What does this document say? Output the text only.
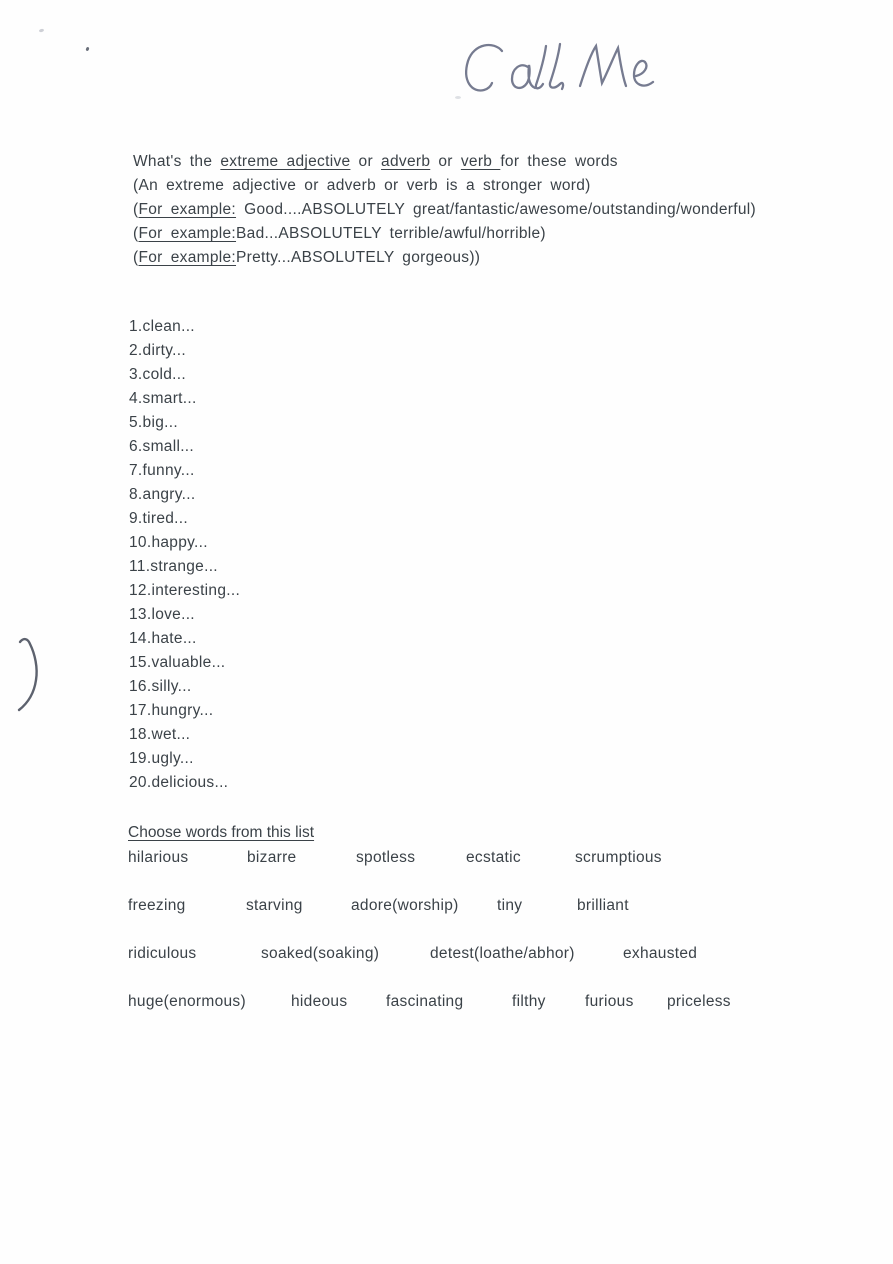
What's the extreme adjective or adverb or verb for these words
(An extreme adjective or adverb or verb is a stronger word)
(For example: Good....ABSOLUTELY great/fantastic/awesome/outstanding/wonderful)
(For example:Bad...ABSOLUTELY terrible/awful/horrible)
(For example:Pretty...ABSOLUTELY gorgeous))
1.clean...
2.dirty...
3.cold...
4.smart...
5.big...
6.small...
7.funny...
8.angry...
9.tired...
10.happy...
11.strange...
12.interesting...
13.love...
14.hate...
15.valuable...
16.silly...
17.hungry...
18.wet...
19.ugly...
20.delicious...
Choose words from this list
hilarious	bizarre	spotless	ecstatic	scrumptious
freezing	starving	adore(worship) tiny	brilliant
ridiculous	soaked(soaking)	detest(loathe/abhor)	exhausted
huge(enormous)	hideous fascinating	filthy	furious priceless
